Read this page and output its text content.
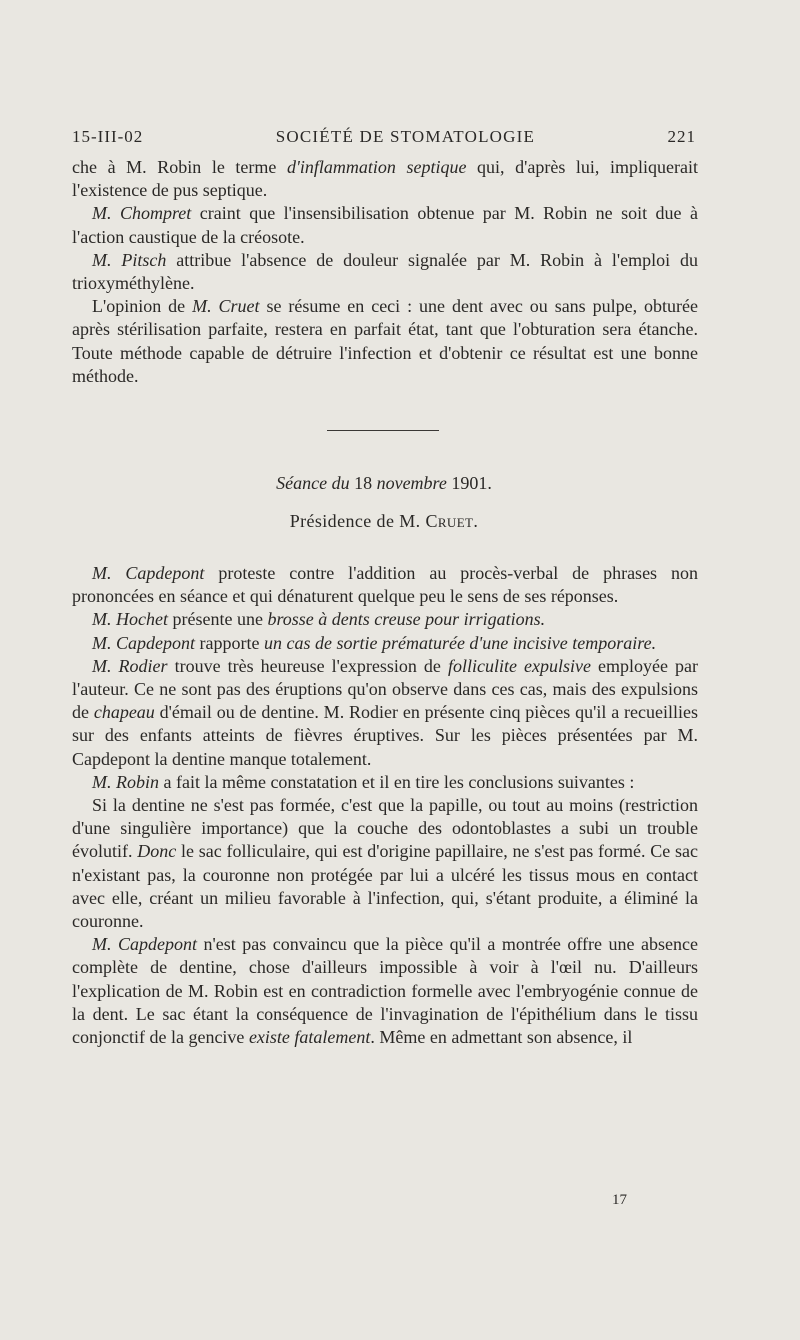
15-III-02	SOCIÉTÉ DE STOMATOLOGIE	221

che à M. Robin le terme d'inflammation septique qui, d'après lui, impliquerait l'existence de pus septique.

M. Chompret craint que l'insensibilisation obtenue par M. Robin ne soit due à l'action caustique de la créosote.

M. Pitsch attribue l'absence de douleur signalée par M. Robin à l'emploi du trioxyméthylène.

L'opinion de M. Cruet se résume en ceci : une dent avec ou sans pulpe, obturée après stérilisation parfaite, restera en parfait état, tant que l'obturation sera étanche. Toute méthode capable de détruire l'infection et d'obtenir ce résultat est une bonne méthode.

Séance du 18 novembre 1901.
Présidence de M. Cruet.

M. Capdepont proteste contre l'addition au procès-verbal de phrases non prononcées en séance et qui dénaturent quelque peu le sens de ses réponses.

M. Hochet présente une brosse à dents creuse pour irrigations.

M. Capdepont rapporte un cas de sortie prématurée d'une incisive temporaire.

M. Rodier trouve très heureuse l'expression de folliculite expulsive employée par l'auteur. Ce ne sont pas des éruptions qu'on observe dans ces cas, mais des expulsions de chapeau d'émail ou de dentine. M. Rodier en présente cinq pièces qu'il a recueillies sur des enfants atteints de fièvres éruptives. Sur les pièces présentées par M. Capdepont la dentine manque totalement.

M. Robin a fait la même constatation et il en tire les conclusions suivantes :

Si la dentine ne s'est pas formée, c'est que la papille, ou tout au moins (restriction d'une singulière importance) que la couche des odontoblastes a subi un trouble évolutif. Donc le sac folliculaire, qui est d'origine papillaire, ne s'est pas formé. Ce sac n'existant pas, la couronne non protégée par lui a ulcéré les tissus mous en contact avec elle, créant un milieu favorable à l'infection, qui, s'étant produite, a éliminé la couronne.

M. Capdepont n'est pas convaincu que la pièce qu'il a montrée offre une absence complète de dentine, chose d'ailleurs impossible à voir à l'œil nu. D'ailleurs l'explication de M. Robin est en contradiction formelle avec l'embryogénie connue de la dent. Le sac étant la conséquence de l'invagination de l'épithélium dans le tissu conjonctif de la gencive existe fatalement. Même en admettant son absence, il

17
